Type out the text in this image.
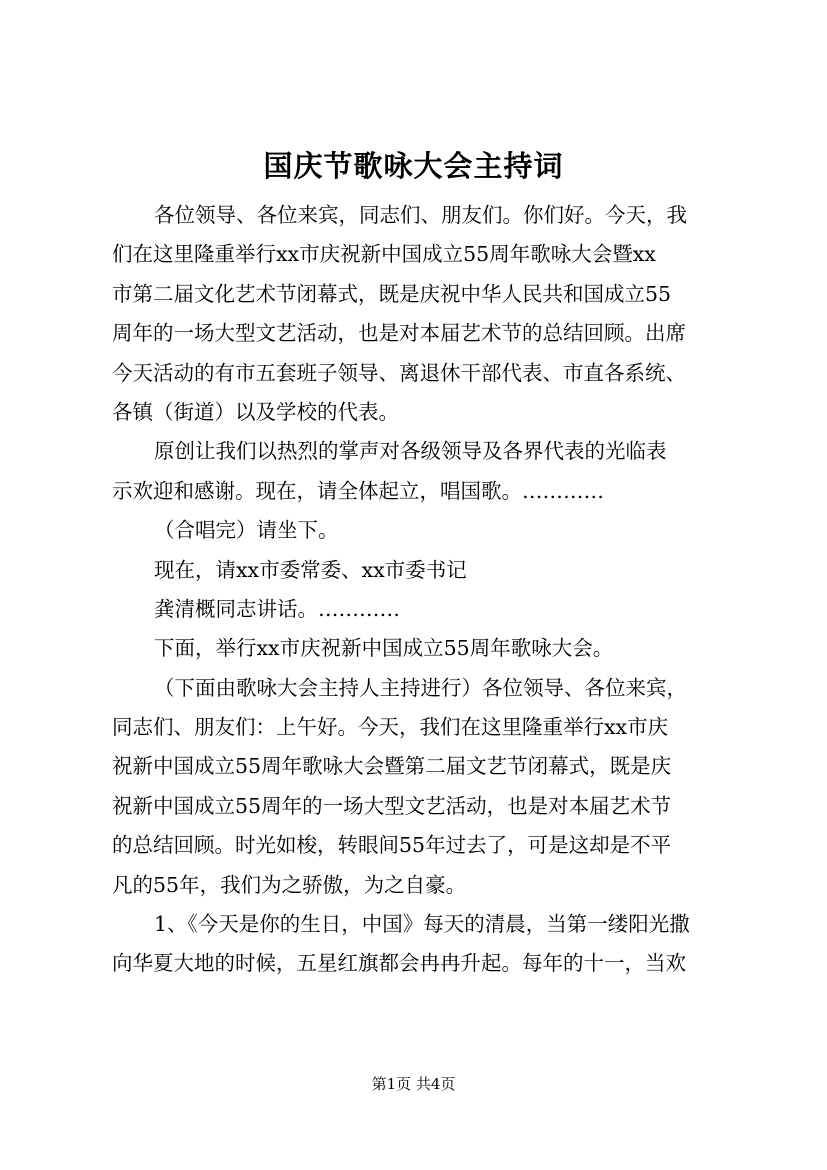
国庆节歌咏大会主持词
各位领导、各位来宾，同志们、朋友们。你们好。今天，我
们在这里隆重举行xx市庆祝新中国成立55周年歌咏大会暨xx
市第二届文化艺术节闭幕式，既是庆祝中华人民共和国成立55
周年的一场大型文艺活动，也是对本届艺术节的总结回顾。出席
今天活动的有市五套班子领导、离退休干部代表、市直各系统、
各镇（街道）以及学校的代表。
原创让我们以热烈的掌声对各级领导及各界代表的光临表
示欢迎和感谢。现在，请全体起立，唱国歌。…………
（合唱完）请坐下。
现在，请xx市委常委、xx市委书记
龚清概同志讲话。…………
下面，举行xx市庆祝新中国成立55周年歌咏大会。
（下面由歌咏大会主持人主持进行）各位领导、各位来宾，
同志们、朋友们：上午好。今天，我们在这里隆重举行xx市庆
祝新中国成立55周年歌咏大会暨第二届文艺节闭幕式，既是庆
祝新中国成立55周年的一场大型文艺活动，也是对本届艺术节
的总结回顾。时光如梭，转眼间55年过去了，可是这却是不平
凡的55年，我们为之骄傲，为之自豪。
1、《今天是你的生日，中国》每天的清晨，当第一缕阳光撒
向华夏大地的时候，五星红旗都会冉冉升起。每年的十一，当欢
第1页 共4页
